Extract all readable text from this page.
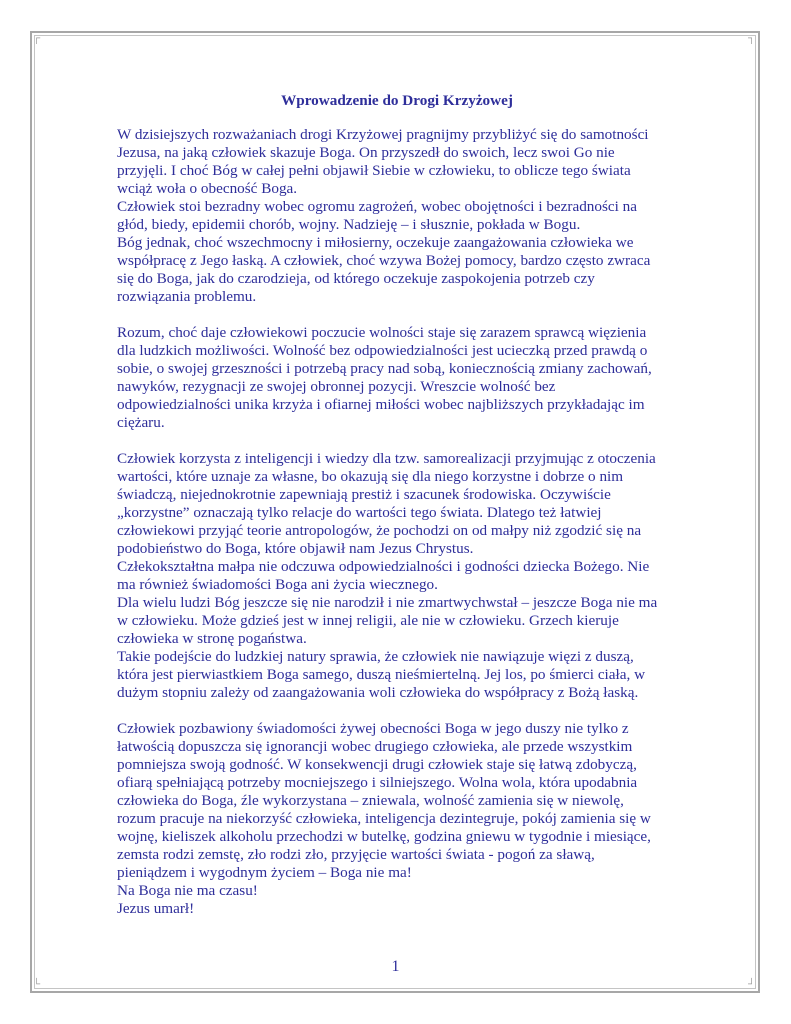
┌	┐
└	┘
Wprowadzenie do Drogi Krzyżowej
W dzisiejszych rozważaniach drogi Krzyżowej pragnijmy przybliżyć się do samotności
Jezusa, na jaką człowiek skazuje Boga. On przyszedł do swoich, lecz swoi Go nie
przyjęli. I choć Bóg w całej pełni objawił Siebie w człowieku, to oblicze tego świata
wciąż woła o obecność Boga.
Człowiek stoi bezradny wobec ogromu zagrożeń, wobec obojętności i bezradności na
głód, biedy, epidemii chorób, wojny. Nadzieję – i słusznie, pokłada w Bogu.
Bóg jednak, choć wszechmocny i miłosierny, oczekuje zaangażowania człowieka we
współpracę z Jego łaską. A człowiek, choć wzywa Bożej pomocy, bardzo często zwraca
się do Boga, jak do czarodzieja, od którego oczekuje zaspokojenia potrzeb czy
rozwiązania problemu.
Rozum, choć daje człowiekowi poczucie wolności staje się zarazem sprawcą więzienia
dla ludzkich możliwości. Wolność bez odpowiedzialności jest ucieczką przed prawdą o
sobie, o swojej grzeszności i potrzebą pracy nad sobą, koniecznością zmiany zachowań,
nawyków, rezygnacji ze swojej obronnej pozycji. Wreszcie wolność bez
odpowiedzialności unika krzyża i ofiarnej miłości wobec najbliższych przykładając im
ciężaru.
Człowiek korzysta z inteligencji i wiedzy dla tzw. samorealizacji przyjmując z otoczenia
wartości, które uznaje za własne, bo okazują się dla niego korzystne i dobrze o nim
świadczą, niejednokrotnie zapewniają prestiż i szacunek środowiska. Oczywiście
„korzystne” oznaczają tylko relacje do wartości tego świata. Dlatego też łatwiej
człowiekowi przyjąć teorie antropologów, że pochodzi on od małpy niż zgodzić się na
podobieństwo do Boga, które objawił nam Jezus Chrystus.
Człekokształtna małpa nie odczuwa odpowiedzialności i godności dziecka Bożego. Nie
ma również świadomości Boga ani życia wiecznego.
Dla wielu ludzi Bóg jeszcze się nie narodził i nie zmartwychwstał – jeszcze Boga nie ma
w człowieku. Może gdzieś jest w innej religii, ale nie w człowieku. Grzech kieruje
człowieka w stronę pogaństwa.
Takie podejście do ludzkiej natury sprawia, że człowiek nie nawiązuje więzi z duszą,
która jest pierwiastkiem Boga samego, duszą nieśmiertelną. Jej los, po śmierci ciała, w
dużym stopniu zależy od zaangażowania woli człowieka do współpracy z Bożą łaską.
Człowiek pozbawiony świadomości żywej obecności Boga w jego duszy nie tylko z
łatwością dopuszcza się ignorancji wobec drugiego człowieka, ale przede wszystkim
pomniejsza swoją godność. W konsekwencji drugi człowiek staje się łatwą zdobyczą,
ofiarą spełniającą potrzeby mocniejszego i silniejszego. Wolna wola, która upodabnia
człowieka do Boga, źle wykorzystana – zniewala, wolność zamienia się w niewolę,
rozum pracuje na niekorzyść człowieka, inteligencja dezintegruje, pokój zamienia się w
wojnę, kieliszek alkoholu przechodzi w butelkę, godzina gniewu w tygodnie i miesiące,
zemsta rodzi zemstę, zło rodzi zło, przyjęcie wartości świata - pogoń za sławą,
pieniądzem i wygodnym życiem – Boga nie ma!
Na Boga nie ma czasu!
Jezus umarł!
1
